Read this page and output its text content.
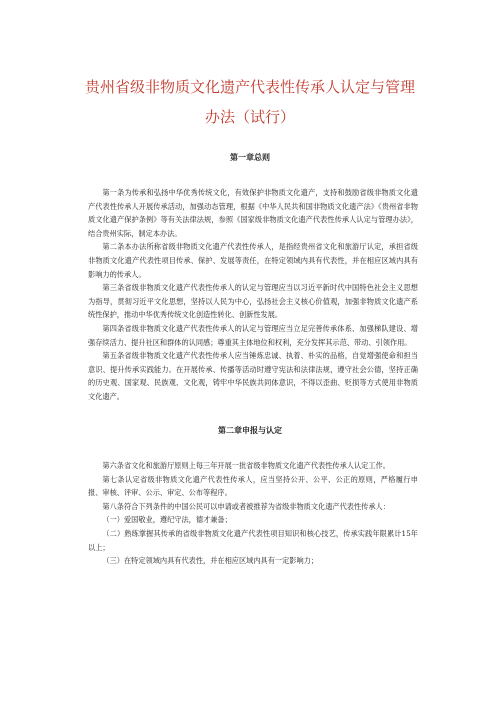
贵州省级非物质文化遗产代表性传承人认定与管理办法（试行）
第一章总则

第一条为传承和弘扬中华优秀传统文化，有效保护非物质文化遗产，支持和鼓励省级非物质文化遗产代表性传承人开展传承活动，加强动态管理，根据《中华人民共和国非物质文化遗产法》《贵州省非物质文化遗产保护条例》等有关法律法规，参照《国家级非物质文化遗产代表性传承人认定与管理办法》，结合贵州实际，制定本办法。

第二条本办法所称省级非物质文化遗产代表性传承人，是指经贵州省文化和旅游厅认定，承担省级非物质文化遗产代表性项目传承、保护、发展等责任，在特定领域内具有代表性，并在相应区域内具有影响力的传承人。

第三条省级非物质文化遗产代表性传承人的认定与管理应当以习近平新时代中国特色社会主义思想为指导，贯彻习近平文化思想，坚持以人民为中心，弘扬社会主义核心价值观，加强非物质文化遗产系统性保护，推动中华优秀传统文化创造性转化、创新性发展。

第四条省级非物质文化遗产代表性传承人的认定与管理应当立足完善传承体系、加强梯队建设、增强存续活力、提升社区和群体的认同感；尊重其主体地位和权利，充分发挥其示范、带动、引领作用。

第五条省级非物质文化遗产代表性传承人应当锤炼忠诚、执着、朴实的品格，自觉增强使命和担当意识、提升传承实践能力。在开展传承、传播等活动时遵守宪法和法律法规，遵守社会公德，坚持正确的历史观、国家观、民族观、文化观，铸牢中华民族共同体意识，不得以歪曲、贬损等方式使用非物质文化遗产。

第二章申报与认定

第六条省文化和旅游厅原则上每三年开展一批省级非物质文化遗产代表性传承人认定工作。

第七条认定省级非物质文化遗产代表性传承人，应当坚持公开、公平、公正的原则，严格履行申报、审核、评审、公示、审定、公布等程序。

第八条符合下列条件的中国公民可以申请或者被推荐为省级非物质文化遗产代表性传承人：

（一）爱国敬业，遵纪守法，德才兼备；

（二）熟练掌握其传承的省级非物质文化遗产代表性项目知识和核心技艺，传承实践年限累计15年以上；

（三）在特定领域内具有代表性，并在相应区域内具有一定影响力；
